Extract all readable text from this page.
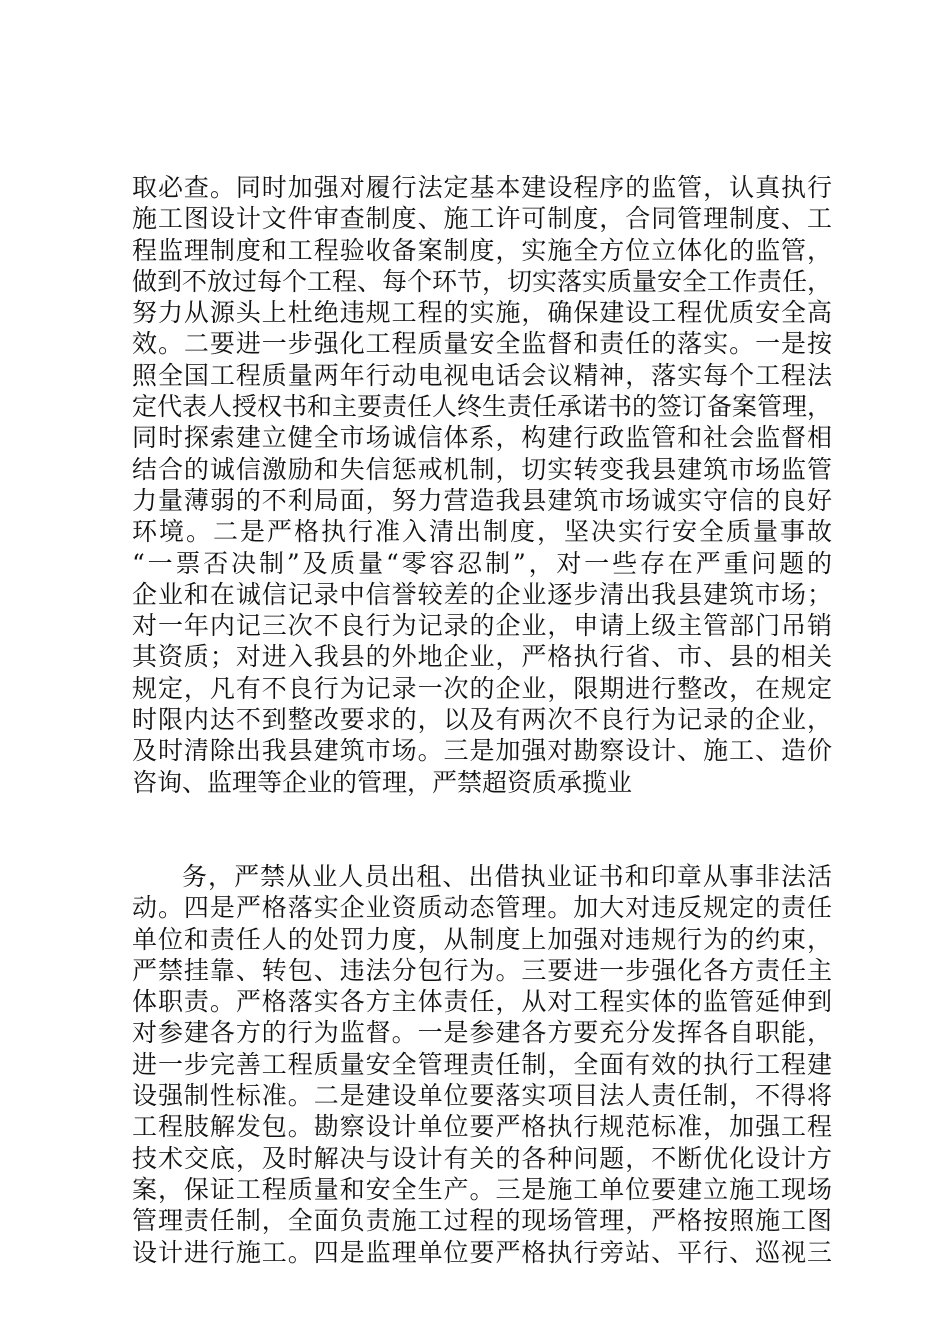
取必查。同时加强对履行法定基本建设程序的监管，认真执行
施工图设计文件审查制度、施工许可制度，合同管理制度、工
程监理制度和工程验收备案制度，实施全方位立体化的监管，
做到不放过每个工程、每个环节，切实落实质量安全工作责任，
努力从源头上杜绝违规工程的实施，确保建设工程优质安全高
效。二要进一步强化工程质量安全监督和责任的落实。一是按
照全国工程质量两年行动电视电话会议精神，落实每个工程法
定代表人授权书和主要责任人终生责任承诺书的签订备案管理，
同时探索建立健全市场诚信体系，构建行政监管和社会监督相
结合的诚信激励和失信惩戒机制，切实转变我县建筑市场监管
力量薄弱的不利局面，努力营造我县建筑市场诚实守信的良好
环境。二是严格执行准入清出制度，坚决实行安全质量事故
“一票否决制”及质量“零容忍制”，对一些存在严重问题的
企业和在诚信记录中信誉较差的企业逐步清出我县建筑市场；
对一年内记三次不良行为记录的企业，申请上级主管部门吊销
其资质；对进入我县的外地企业，严格执行省、市、县的相关
规定，凡有不良行为记录一次的企业，限期进行整改，在规定
时限内达不到整改要求的，以及有两次不良行为记录的企业，
及时清除出我县建筑市场。三是加强对勘察设计、施工、造价
咨询、监理等企业的管理，严禁超资质承揽业
务，严禁从业人员出租、出借执业证书和印章从事非法活
动。四是严格落实企业资质动态管理。加大对违反规定的责任
单位和责任人的处罚力度，从制度上加强对违规行为的约束，
严禁挂靠、转包、违法分包行为。三要进一步强化各方责任主
体职责。严格落实各方主体责任，从对工程实体的监管延伸到
对参建各方的行为监督。一是参建各方要充分发挥各自职能，
进一步完善工程质量安全管理责任制，全面有效的执行工程建
设强制性标准。二是建设单位要落实项目法人责任制，不得将
工程肢解发包。勘察设计单位要严格执行规范标准，加强工程
技术交底，及时解决与设计有关的各种问题，不断优化设计方
案，保证工程质量和安全生产。三是施工单位要建立施工现场
管理责任制，全面负责施工过程的现场管理，严格按照施工图
设计进行施工。四是监理单位要严格执行旁站、平行、巡视三
